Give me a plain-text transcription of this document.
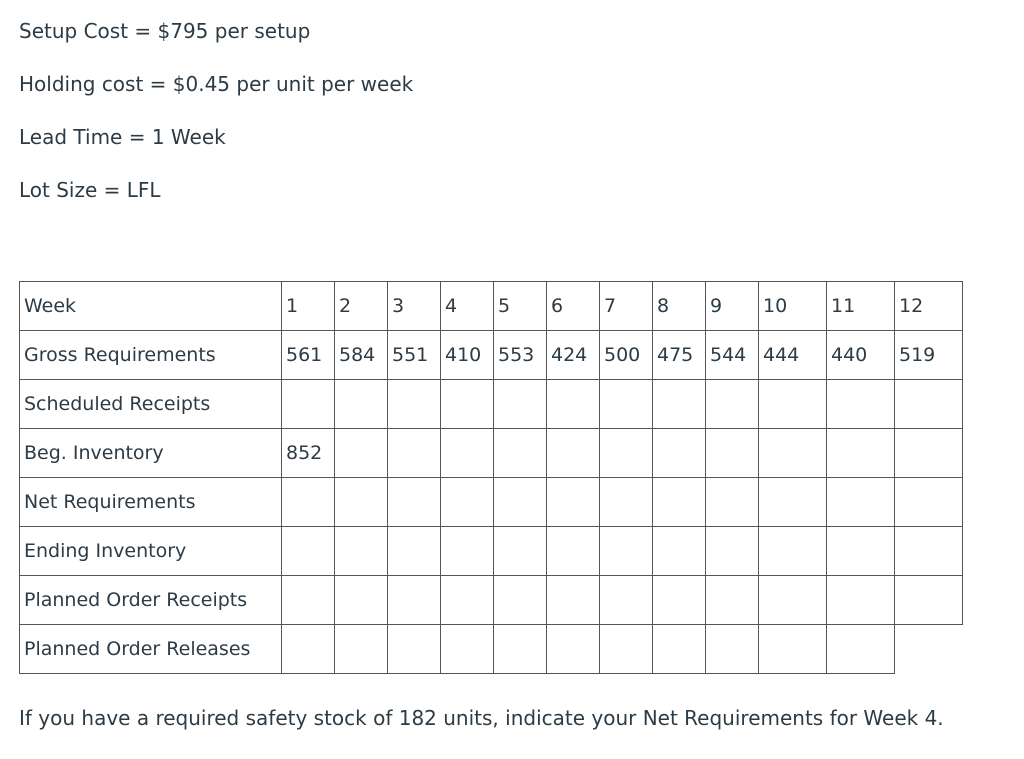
Setup Cost = $795 per setup

Holding cost = $0.45 per unit per week

Lead Time = 1 Week

Lot Size = LFL

Week	1	2	3	4	5	6	7	8	9	10	11	12
Gross Requirements	561	584	551	410	553	424	500	475	544	444	440	519
Scheduled Receipts												
Beg. Inventory	852											
Net Requirements												
Ending Inventory												
Planned Order Receipts												
Planned Order Releases												

If you have a required safety stock of 182 units, indicate your Net Requirements for Week 4.
